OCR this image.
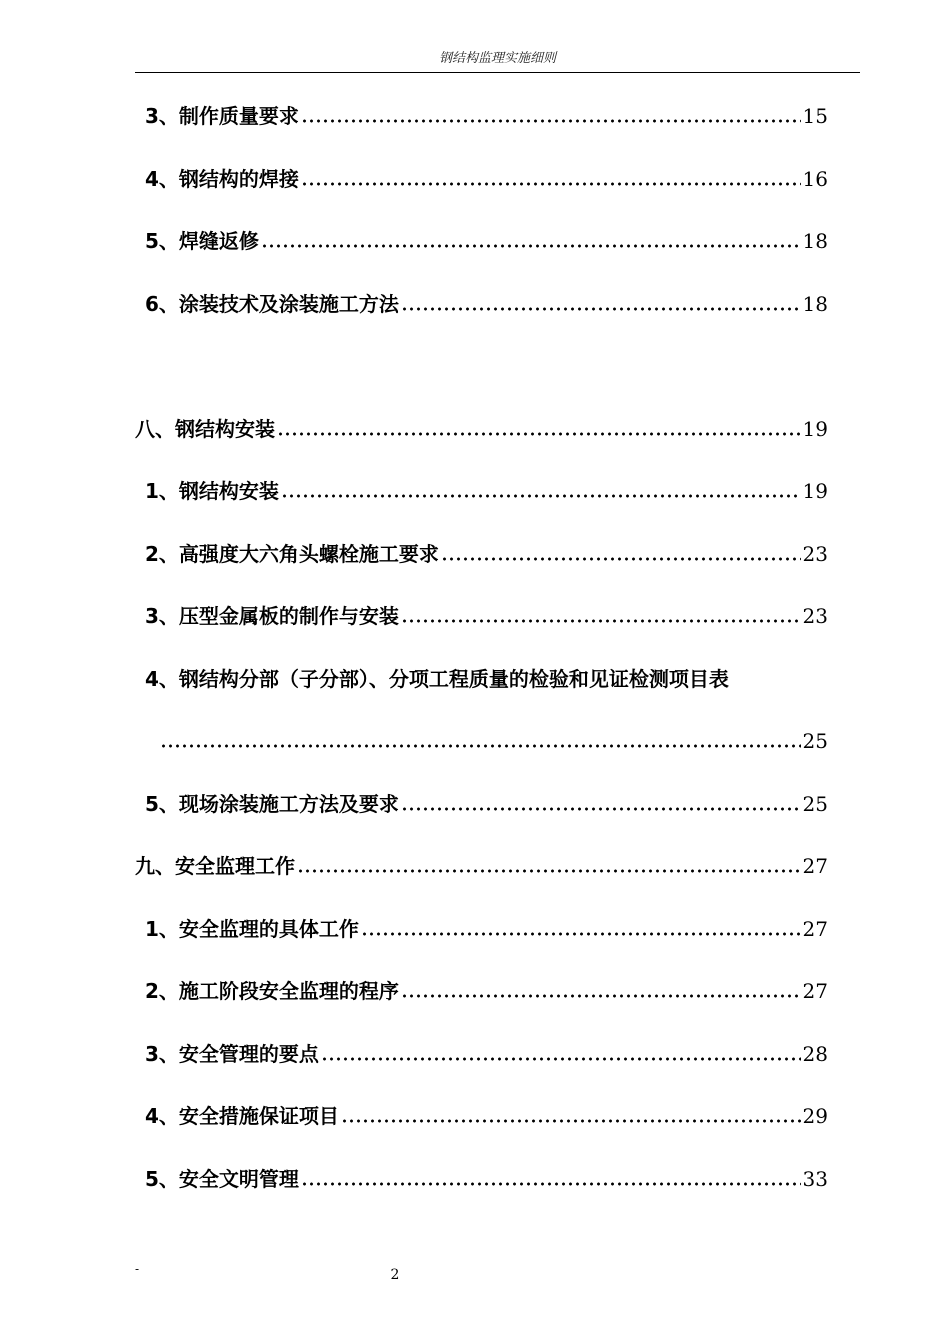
钢结构监理实施细则
3、制作质量要求	15
4、钢结构的焊接	16
5、焊缝返修	18
6、涂装技术及涂装施工方法	18
八、钢结构安装	19
1、钢结构安装	19
2、高强度大六角头螺栓施工要求	23
3、压型金属板的制作与安装	23
4、钢结构分部（子分部）、分项工程质量的检验和见证检测项目表
25
5、现场涂装施工方法及要求	25
九、安全监理工作	27
1、安全监理的具体工作	27
2、施工阶段安全监理的程序	27
3、安全管理的要点	28
4、安全措施保证项目	29
5、安全文明管理	33
-	2
